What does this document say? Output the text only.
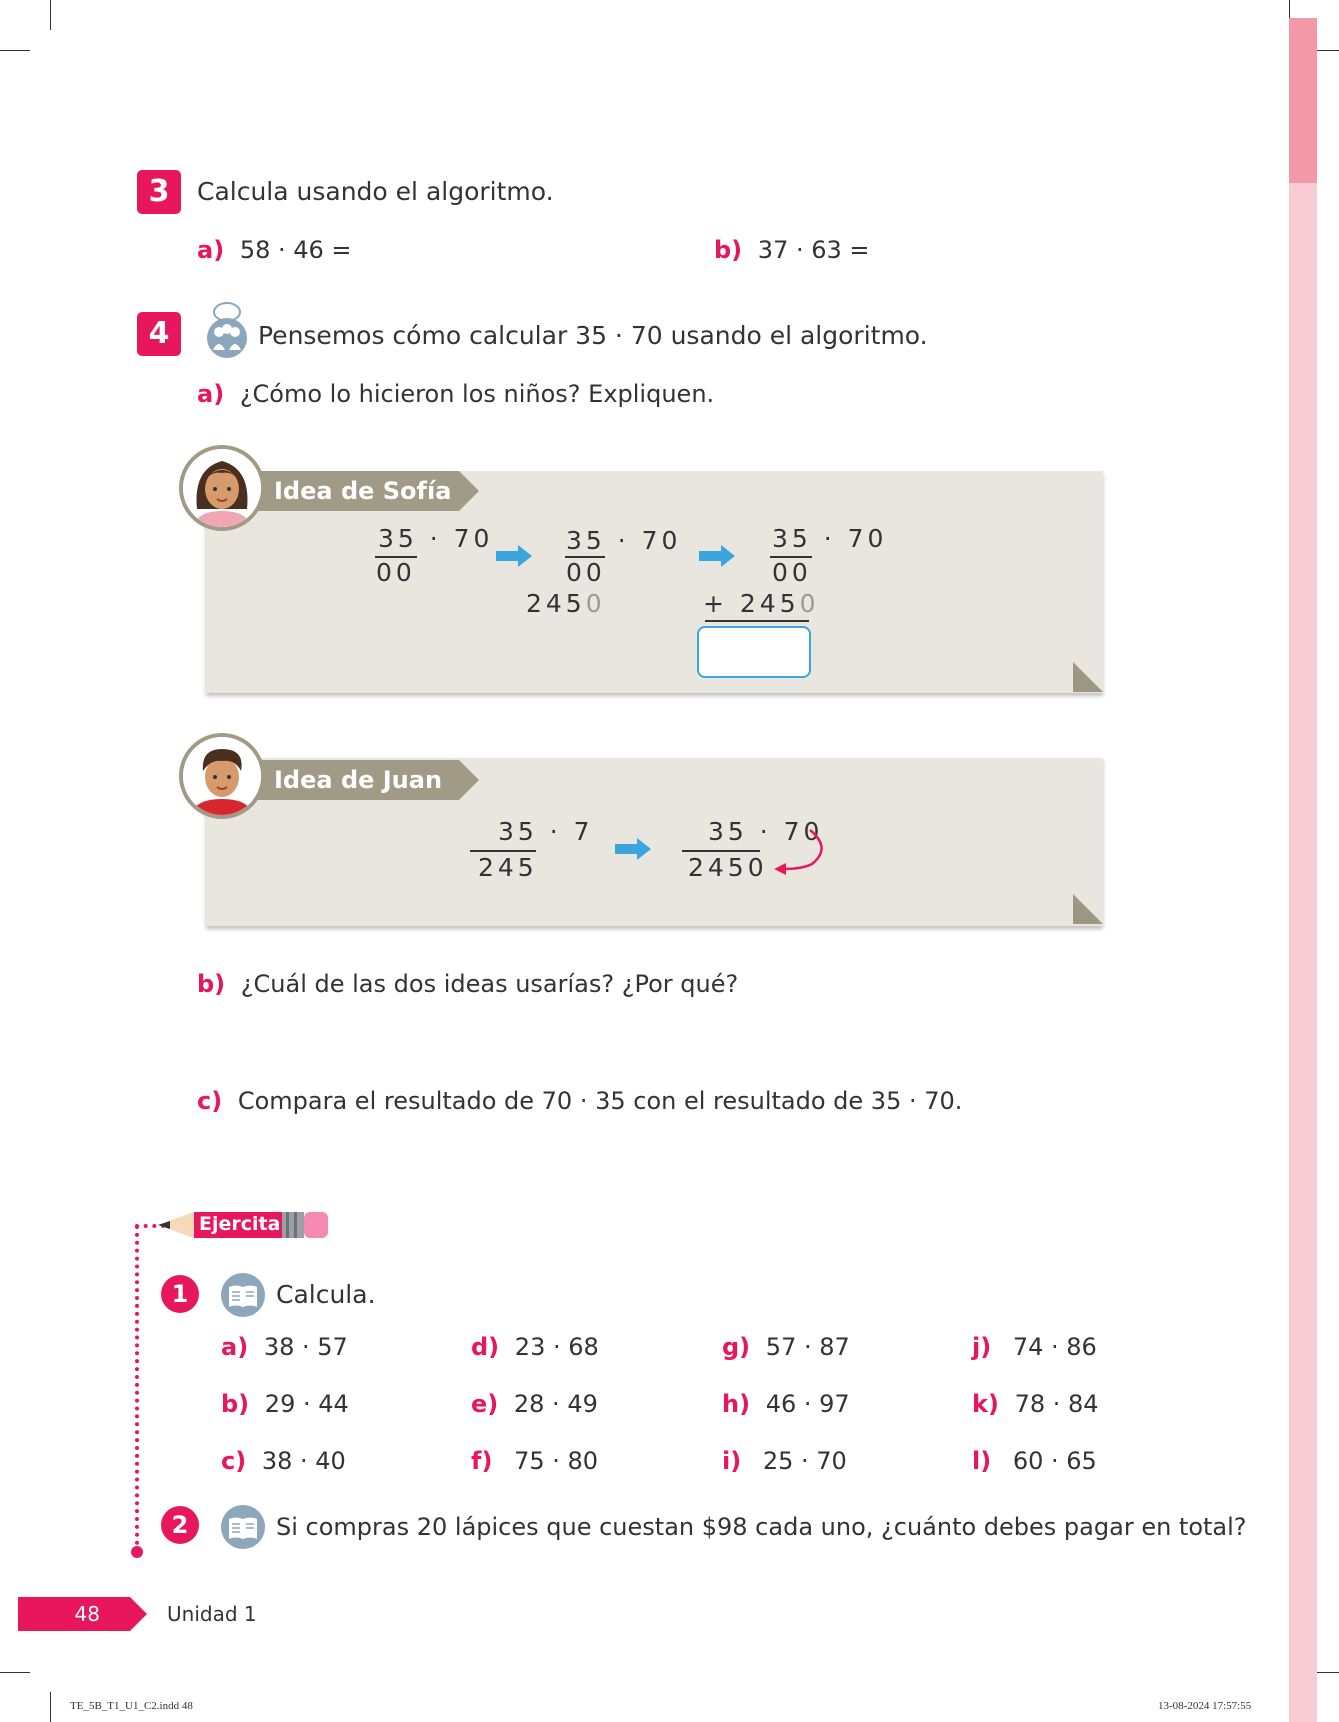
3	Calcula usando el algoritmo.
a) 58 · 46 =	b) 37 · 63 =
4	Pensemos cómo calcular 35 · 70 usando el algoritmo.
a) ¿Cómo lo hicieron los niños? Expliquen.
Idea de Sofía
35 · 70
00
35 · 70
00
2450
35 · 70
00
+ 2450
Idea de Juan
35 · 7
245
35 · 70
2450
b) ¿Cuál de las dos ideas usarías? ¿Por qué?
c) Compara el resultado de 70 · 35 con el resultado de 35 · 70.
Ejercita
1	Calcula.
a) 38 · 57
b) 29 · 44
c) 38 · 40
d) 23 · 68
e) 28 · 49
f) 75 · 80
g) 57 · 87
h) 46 · 97
i) 25 · 70
j) 74 · 86
k) 78 · 84
l) 60 · 65
2	Si compras 20 lápices que cuestan $98 cada uno, ¿cuánto debes pagar en total?
48	Unidad 1
TE_5B_T1_U1_C2.indd 48	13-08-2024 17:57:55
